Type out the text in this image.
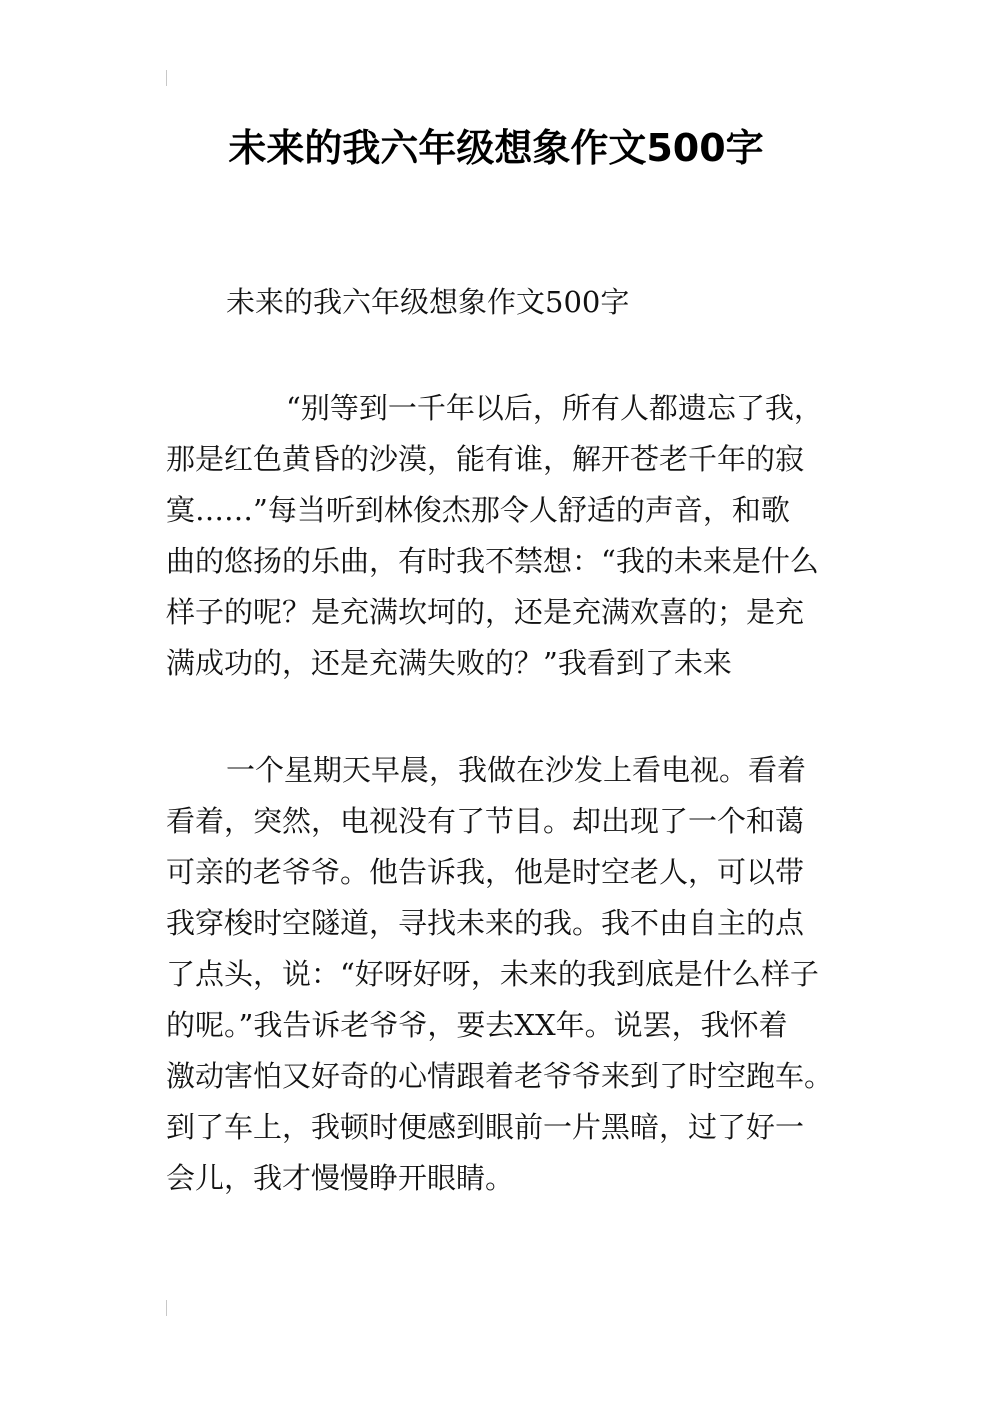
未来的我六年级想象作文500字

未来的我六年级想象作文500字

“别等到一千年以后，所有人都遗忘了我，

那是红色黄昏的沙漠，能有谁，解开苍老千年的寂

寞……”每当听到林俊杰那令人舒适的声音，和歌

曲的悠扬的乐曲，有时我不禁想：“我的未来是什么

样子的呢？是充满坎坷的，还是充满欢喜的；是充

满成功的，还是充满失败的？”我看到了未来

一个星期天早晨，我做在沙发上看电视。看着

看着，突然，电视没有了节目。却出现了一个和蔼

可亲的老爷爷。他告诉我，他是时空老人，可以带

我穿梭时空隧道，寻找未来的我。我不由自主的点

了点头，说：“好呀好呀，未来的我到底是什么样子

的呢。”我告诉老爷爷，要去XX年。说罢，我怀着

激动害怕又好奇的心情跟着老爷爷来到了时空跑车。

到了车上，我顿时便感到眼前一片黑暗，过了好一

会儿，我才慢慢睁开眼睛。
